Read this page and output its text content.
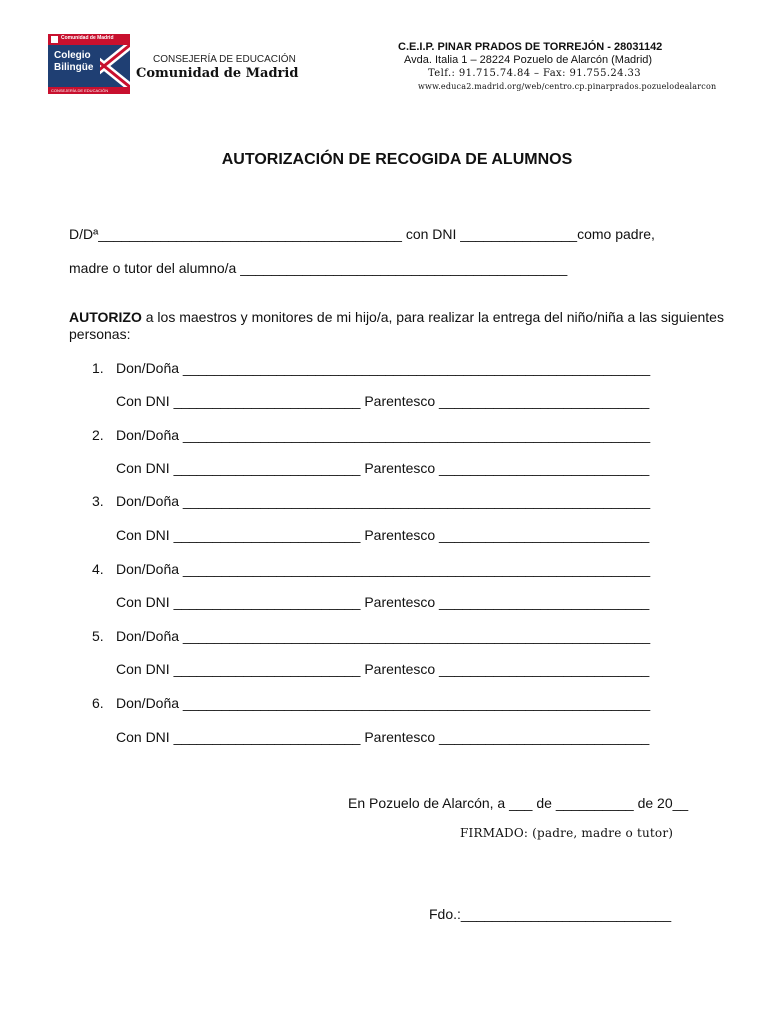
Comunidad de Madrid
Colegio
Bilingüe
CONSEJERÍA DE EDUCACIÓN
CONSEJERÍA DE EDUCACIÓN
Comunidad de Madrid
C.E.I.P. PINAR PRADOS DE TORREJÓN - 28031142
Avda. Italia 1 – 28224 Pozuelo de Alarcón (Madrid)
Telf.: 91.715.74.84 – Fax: 91.755.24.33
www.educa2.madrid.org/web/centro.cp.pinarprados.pozuelodealarcon
AUTORIZACIÓN DE RECOGIDA DE ALUMNOS
D/Dª_______________________________________ con DNI _______________como padre,
madre o tutor del alumno/a __________________________________________
AUTORIZO a los maestros y monitores de mi hijo/a, para realizar la entrega del niño/niña a las siguientes personas:
1. Don/Doña ____________________________________________________________
Con DNI ________________________ Parentesco ___________________________
2. Don/Doña ____________________________________________________________
Con DNI ________________________ Parentesco ___________________________
3. Don/Doña ____________________________________________________________
Con DNI ________________________ Parentesco ___________________________
4. Don/Doña ____________________________________________________________
Con DNI ________________________ Parentesco ___________________________
5. Don/Doña ____________________________________________________________
Con DNI ________________________ Parentesco ___________________________
6. Don/Doña ____________________________________________________________
Con DNI ________________________ Parentesco ___________________________
En Pozuelo de Alarcón, a ___ de __________ de 20__
FIRMADO: (padre, madre o tutor)
Fdo.:___________________________
